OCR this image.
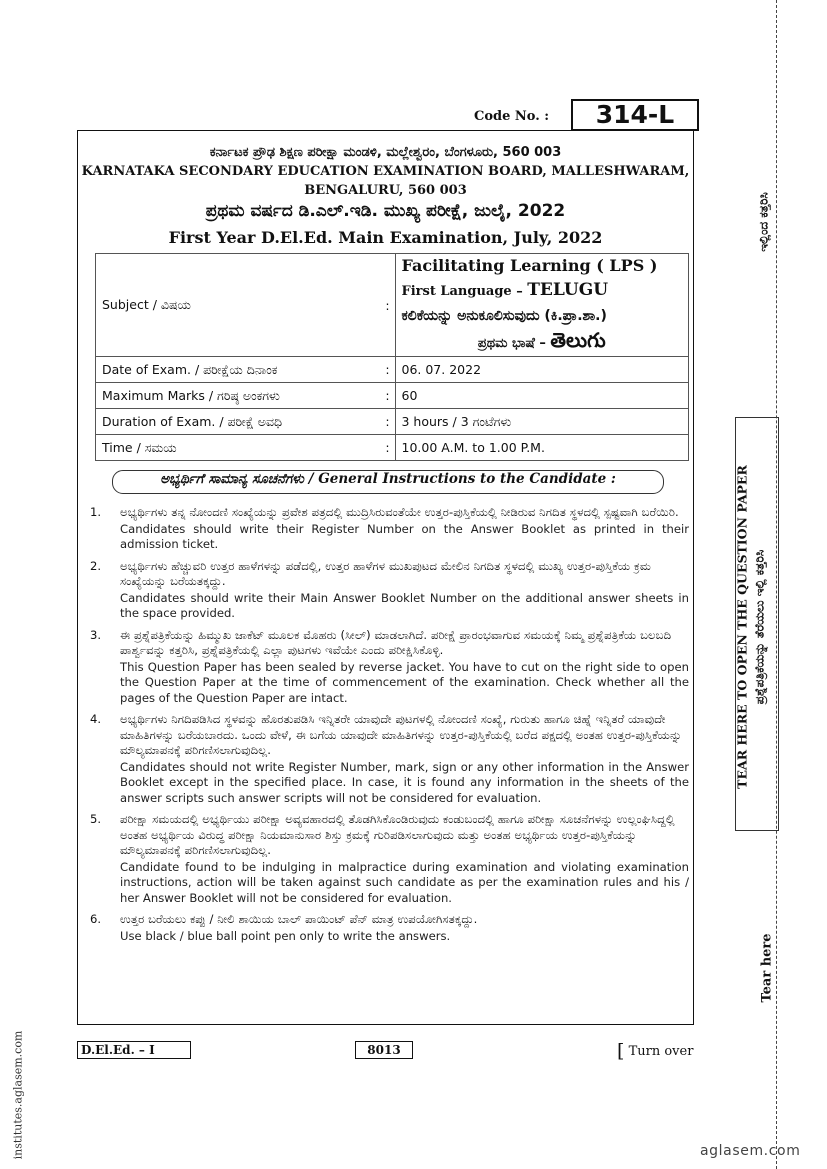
Code No. :	314-L
ಕರ್ನಾಟಕ ಪ್ರೌಢ ಶಿಕ್ಷಣ ಪರೀಕ್ಷಾ ಮಂಡಳಿ, ಮಲ್ಲೇಶ್ವರಂ, ಬೆಂಗಳೂರು, 560 003
KARNATAKA SECONDARY EDUCATION EXAMINATION BOARD, MALLESHWARAM,
BENGALURU, 560 003
ಪ್ರಥಮ ವರ್ಷದ ಡಿ.ಎಲ್.ಇಡಿ. ಮುಖ್ಯ ಪರೀಕ್ಷೆ, ಜುಲೈ, 2022
First Year D.El.Ed. Main Examination, July, 2022
Subject / ವಿಷಯ	:	Facilitating Learning ( LPS )
First Language – TELUGU
ಕಲಿಕೆಯನ್ನು ಅನುಕೂಲಿಸುವುದು (ಕಿ.ಪ್ರಾ.ಶಾ.)
ಪ್ರಥಮ ಭಾಷೆ – తెలుగు

Date of Exam. / ಪರೀಕ್ಷೆಯ ದಿನಾಂಕ	:	06. 07. 2022
Maximum Marks / ಗರಿಷ್ಠ ಅಂಕಗಳು	:	60
Duration of Exam. / ಪರೀಕ್ಷೆ ಅವಧಿ	:	3 hours / 3 ಗಂಟೆಗಳು
Time / ಸಮಯ	:	10.00 A.M. to 1.00 P.M.
ಅಭ್ಯರ್ಥಿಗೆ ಸಾಮಾನ್ಯ ಸೂಚನೆಗಳು / General Instructions to the Candidate :
1. ಅಭ್ಯರ್ಥಿಗಳು ತನ್ನ ನೋಂದಣಿ ಸಂಖ್ಯೆಯನ್ನು ಪ್ರವೇಶ ಪತ್ರದಲ್ಲಿ ಮುದ್ರಿಸಿರುವಂತೆಯೇ ಉತ್ತರ-ಪುಸ್ತಿಕೆಯಲ್ಲಿ ನೀಡಿರುವ ನಿಗದಿತ ಸ್ಥಳದಲ್ಲಿ ಸ್ಪಷ್ಟವಾಗಿ ಬರೆಯಿರಿ.
Candidates should write their Register Number on the Answer Booklet as printed in their admission ticket.
2. ಅಭ್ಯರ್ಥಿಗಳು ಹೆಚ್ಚುವರಿ ಉತ್ತರ ಹಾಳೆಗಳನ್ನು ಪಡೆದಲ್ಲಿ, ಉತ್ತರ ಹಾಳೆಗಳ ಮುಖಪುಟದ ಮೇಲಿನ ನಿಗದಿತ ಸ್ಥಳದಲ್ಲಿ ಮುಖ್ಯ ಉತ್ತರ-ಪುಸ್ತಿಕೆಯ ಕ್ರಮ ಸಂಖ್ಯೆಯನ್ನು ಬರೆಯತಕ್ಕದ್ದು.
Candidates should write their Main Answer Booklet Number on the additional answer sheets in the space provided.
3. ಈ ಪ್ರಶ್ನೆಪತ್ರಿಕೆಯನ್ನು ಹಿಮ್ಮುಖ ಜಾಕೆಟ್ ಮೂಲಕ ಮೊಹರು (ಸೀಲ್) ಮಾಡಲಾಗಿದೆ. ಪರೀಕ್ಷೆ ಪ್ರಾರಂಭವಾಗುವ ಸಮಯಕ್ಕೆ ನಿಮ್ಮ ಪ್ರಶ್ನೆಪತ್ರಿಕೆಯ ಬಲಬದಿ ಪಾರ್ಶ್ವವನ್ನು ಕತ್ತರಿಸಿ, ಪ್ರಶ್ನೆಪತ್ರಿಕೆಯಲ್ಲಿ ಎಲ್ಲಾ ಪುಟಗಳು ಇವೆಯೇ ಎಂದು ಪರೀಕ್ಷಿಸಿಕೊಳ್ಳಿ.
This Question Paper has been sealed by reverse jacket. You have to cut on the right side to open the Question Paper at the time of commencement of the examination. Check whether all the pages of the Question Paper are intact.
4. ಅಭ್ಯರ್ಥಿಗಳು ನಿಗದಿಪಡಿಸಿದ ಸ್ಥಳವನ್ನು ಹೊರತುಪಡಿಸಿ ಇನ್ನಿತರೇ ಯಾವುದೇ ಪುಟಗಳಲ್ಲಿ ನೋಂದಣಿ ಸಂಖ್ಯೆ, ಗುರುತು ಹಾಗೂ ಚಿಹ್ನೆ ಇನ್ನಿತರೆ ಯಾವುದೇ ಮಾಹಿತಿಗಳನ್ನು ಬರೆಯಬಾರದು. ಒಂದು ವೇಳೆ, ಈ ಬಗೆಯ ಯಾವುದೇ ಮಾಹಿತಿಗಳನ್ನು ಉತ್ತರ-ಪುಸ್ತಿಕೆಯಲ್ಲಿ ಬರೆದ ಪಕ್ಷದಲ್ಲಿ ಅಂತಹ ಉತ್ತರ-ಪುಸ್ತಿಕೆಯನ್ನು ಮೌಲ್ಯಮಾಪನಕ್ಕೆ ಪರಿಗಣಿಸಲಾಗುವುದಿಲ್ಲ.
Candidates should not write Register Number, mark, sign or any other information in the Answer Booklet except in the specified place. In case, it is found any information in the sheets of the answer scripts such answer scripts will not be considered for evaluation.
5. ಪರೀಕ್ಷಾ ಸಮಯದಲ್ಲಿ ಅಭ್ಯರ್ಥಿಯು ಪರೀಕ್ಷಾ ಅವ್ಯವಹಾರದಲ್ಲಿ ತೊಡಗಿಸಿಕೊಂಡಿರುವುದು ಕಂಡುಬಂದಲ್ಲಿ ಹಾಗೂ ಪರೀಕ್ಷಾ ಸೂಚನೆಗಳನ್ನು ಉಲ್ಲಂಘಿಸಿದ್ದಲ್ಲಿ ಅಂತಹ ಅಭ್ಯರ್ಥಿಯ ವಿರುದ್ಧ ಪರೀಕ್ಷಾ ನಿಯಮಾನುಸಾರ ಶಿಸ್ತು ಕ್ರಮಕ್ಕೆ ಗುರಿಪಡಿಸಲಾಗುವುದು ಮತ್ತು ಅಂತಹ ಅಭ್ಯರ್ಥಿಯ ಉತ್ತರ-ಪುಸ್ತಿಕೆಯನ್ನು ಮೌಲ್ಯಮಾಪನಕ್ಕೆ ಪರಿಗಣಿಸಲಾಗುವುದಿಲ್ಲ.
Candidate found to be indulging in malpractice during examination and violating examination instructions, action will be taken against such candidate as per the examination rules and his / her Answer Booklet will not be considered for evaluation.
6. ಉತ್ತರ ಬರೆಯಲು ಕಪ್ಪು / ನೀಲಿ ಶಾಯಿಯ ಬಾಲ್ ಪಾಯಿಂಟ್ ಪೆನ್ ಮಾತ್ರ ಉಪಯೋಗಿಸತಕ್ಕದ್ದು.
Use black / blue ball point pen only to write the answers.
D.El.Ed. – I	8013	[ Turn over
TEAR HERE TO OPEN THE QUESTION PAPER ಪ್ರಶ್ನೆಪತ್ರಿಕೆಯನ್ನು ತೆರೆಯಲು ಇಲ್ಲಿ ಕತ್ತರಿಸಿ
ಇಲ್ಲಿಂದ ಕತ್ತರಿಸಿ
Tear here
institutes.aglasem.com	aglasem.com
